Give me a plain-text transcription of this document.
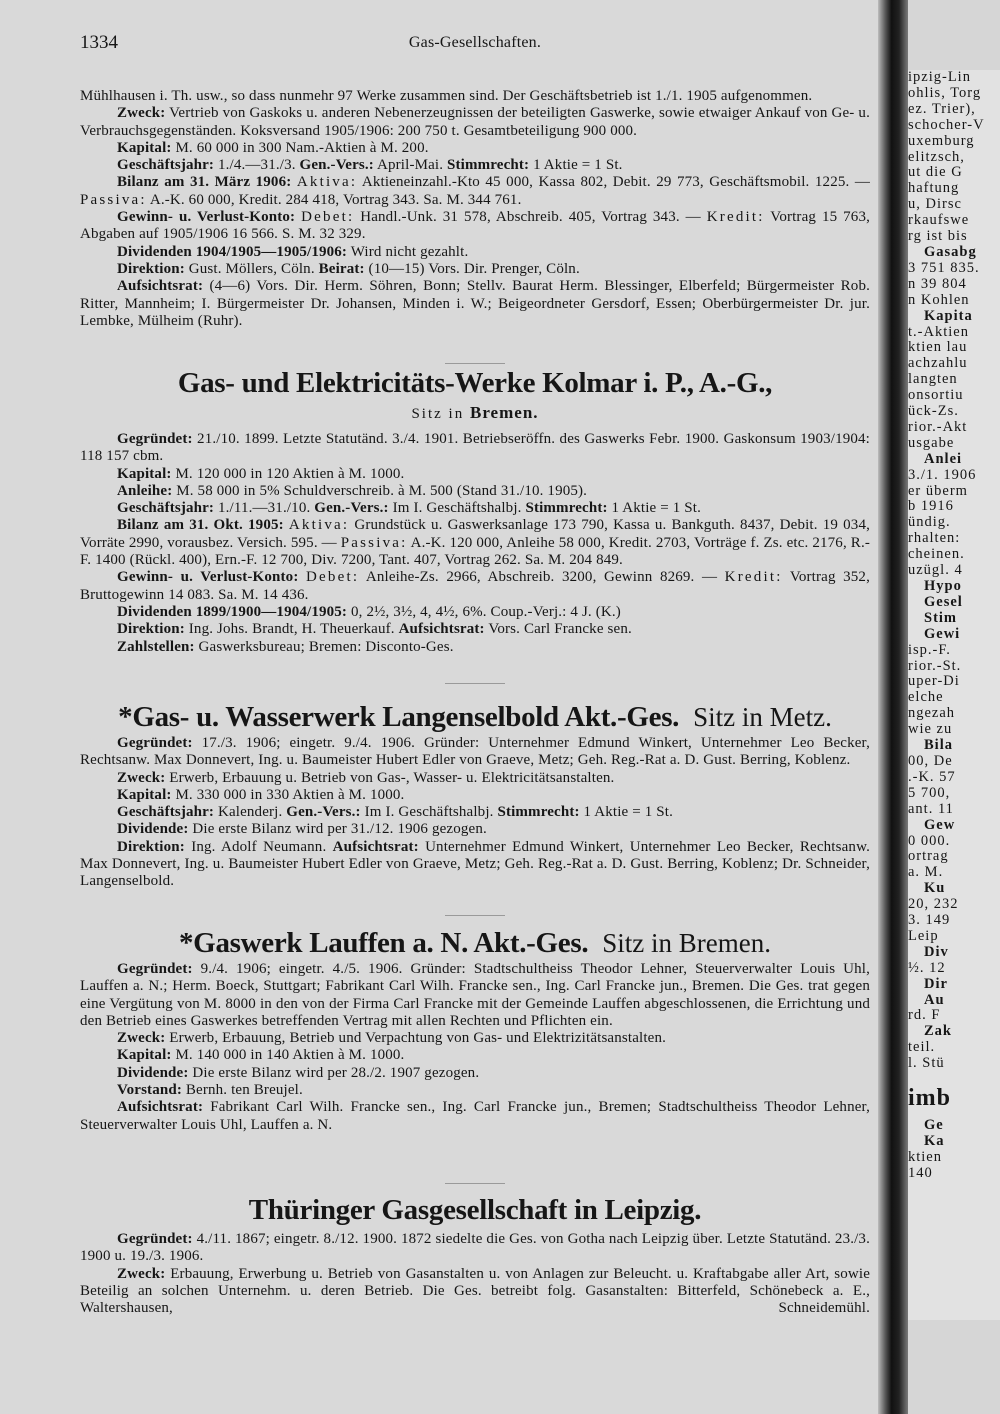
1334	Gas-Gesellschaften.

Mühlhausen i. Th. usw., so dass nunmehr 97 Werke zusammen sind. Der Geschäftsbetrieb ist 1./1. 1905 aufgenommen.

Zweck: Vertrieb von Gaskoks u. anderen Nebenerzeugnissen der beteiligten Gaswerke, sowie etwaiger Ankauf von Ge- u. Verbrauchsgegenständen. Koksversand 1905/1906: 200 750 t. Gesamtbeteiligung 900 000.

Kapital: M. 60 000 in 300 Nam.-Aktien à M. 200.

Geschäftsjahr: 1./4.—31./3. Gen.-Vers.: April-Mai. Stimmrecht: 1 Aktie = 1 St.

Bilanz am 31. März 1906: Aktiva: Aktieneinzahl.-Kto 45 000, Kassa 802, Debit. 29 773, Geschäftsmobil. 1225. — Passiva: A.-K. 60 000, Kredit. 284 418, Vortrag 343. Sa. M. 344 761.

Gewinn- u. Verlust-Konto: Debet: Handl.-Unk. 31 578, Abschreib. 405, Vortrag 343. — Kredit: Vortrag 15 763, Abgaben auf 1905/1906 16 566. S. M. 32 329.

Dividenden 1904/1905—1905/1906: Wird nicht gezahlt.

Direktion: Gust. Möllers, Cöln. Beirat: (10—15) Vors. Dir. Prenger, Cöln.

Aufsichtsrat: (4—6) Vors. Dir. Herm. Söhren, Bonn; Stellv. Baurat Herm. Blessinger, Elberfeld; Bürgermeister Rob. Ritter, Mannheim; I. Bürgermeister Dr. Johansen, Minden i. W.; Beigeordneter Gersdorf, Essen; Oberbürgermeister Dr. jur. Lembke, Mülheim (Ruhr).

Gas- und Elektricitäts-Werke Kolmar i. P., A.-G.,
Sitz in Bremen.

Gegründet: 21./10. 1899. Letzte Statutänd. 3./4. 1901. Betriebseröffn. des Gaswerks Febr. 1900. Gaskonsum 1903/1904: 118 157 cbm.

Kapital: M. 120 000 in 120 Aktien à M. 1000.

Anleihe: M. 58 000 in 5% Schuldverschreib. à M. 500 (Stand 31./10. 1905).

Geschäftsjahr: 1./11.—31./10. Gen.-Vers.: Im I. Geschäftshalbj. Stimmrecht: 1 Aktie = 1 St.

Bilanz am 31. Okt. 1905: Aktiva: Grundstück u. Gaswerksanlage 173 790, Kassa u. Bankguth. 8437, Debit. 19 034, Vorräte 2990, vorausbez. Versich. 595. — Passiva: A.-K. 120 000, Anleihe 58 000, Kredit. 2703, Vorträge f. Zs. etc. 2176, R.-F. 1400 (Rückl. 400), Ern.-F. 12 700, Div. 7200, Tant. 407, Vortrag 262. Sa. M. 204 849.

Gewinn- u. Verlust-Konto: Debet: Anleihe-Zs. 2966, Abschreib. 3200, Gewinn 8269. — Kredit: Vortrag 352, Bruttogewinn 14 083. Sa. M. 14 436.

Dividenden 1899/1900—1904/1905: 0, 2½, 3½, 4, 4½, 6%. Coup.-Verj.: 4 J. (K.)

Direktion: Ing. Johs. Brandt, H. Theuerkauf. Aufsichtsrat: Vors. Carl Francke sen.

Zahlstellen: Gaswerksbureau; Bremen: Disconto-Ges.

*Gas- u. Wasserwerk Langenselbold Akt.-Ges. Sitz in Metz.

Gegründet: 17./3. 1906; eingetr. 9./4. 1906. Gründer: Unternehmer Edmund Winkert, Unternehmer Leo Becker, Rechtsanw. Max Donnevert, Ing. u. Baumeister Hubert Edler von Graeve, Metz; Geh. Reg.-Rat a. D. Gust. Berring, Koblenz.

Zweck: Erwerb, Erbauung u. Betrieb von Gas-, Wasser- u. Elektricitätsanstalten.

Kapital: M. 330 000 in 330 Aktien à M. 1000.

Geschäftsjahr: Kalenderj. Gen.-Vers.: Im I. Geschäftshalbj. Stimmrecht: 1 Aktie = 1 St.

Dividende: Die erste Bilanz wird per 31./12. 1906 gezogen.

Direktion: Ing. Adolf Neumann. Aufsichtsrat: Unternehmer Edmund Winkert, Unternehmer Leo Becker, Rechtsanw. Max Donnevert, Ing. u. Baumeister Hubert Edler von Graeve, Metz; Geh. Reg.-Rat a. D. Gust. Berring, Koblenz; Dr. Schneider, Langenselbold.

*Gaswerk Lauffen a. N. Akt.-Ges. Sitz in Bremen.

Gegründet: 9./4. 1906; eingetr. 4./5. 1906. Gründer: Stadtschultheiss Theodor Lehner, Steuerverwalter Louis Uhl, Lauffen a. N.; Herm. Boeck, Stuttgart; Fabrikant Carl Wilh. Francke sen., Ing. Carl Francke jun., Bremen. Die Ges. trat gegen eine Vergütung von M. 8000 in den von der Firma Carl Francke mit der Gemeinde Lauffen abgeschlossenen, die Errichtung und den Betrieb eines Gaswerkes betreffenden Vertrag mit allen Rechten und Pflichten ein.

Zweck: Erwerb, Erbauung, Betrieb und Verpachtung von Gas- und Elektrizitätsanstalten.

Kapital: M. 140 000 in 140 Aktien à M. 1000.

Dividende: Die erste Bilanz wird per 28./2. 1907 gezogen.

Vorstand: Bernh. ten Breujel.

Aufsichtsrat: Fabrikant Carl Wilh. Francke sen., Ing. Carl Francke jun., Bremen; Stadtschultheiss Theodor Lehner, Steuerverwalter Louis Uhl, Lauffen a. N.

Thüringer Gasgesellschaft in Leipzig.

Gegründet: 4./11. 1867; eingetr. 8./12. 1900. 1872 siedelte die Ges. von Gotha nach Leipzig über. Letzte Statutänd. 23./3. 1900 u. 19./3. 1906.

Zweck: Erbauung, Erwerbung u. Betrieb von Gasanstalten u. von Anlagen zur Beleucht. u. Kraftabgabe aller Art, sowie Beteilig an solchen Unternehm. u. deren Betrieb. Die Ges. betreibt folg. Gasanstalten: Bitterfeld, Schönebeck a. E., Waltershausen, Schneidemühl.

ipzig-Lin
ohlis, Torg
ez. Trier),
schocher-V
uxemburg
elitzsch,
ut die G
haftung
u, Dirsc
rkaufswe
rg ist bis
Gasabg
3 751 835.
n 39 804
n Kohlen
Kapita
t.-Aktien
ktien lau
achzahlu
langten
onsortiu
ück-Zs.
rior.-Akt
usgabe
Anlei
3./1. 1906
er überm
b 1916
ündig.
rhalten:
cheinen.
uzügl. 4
Hypo
Gesel
Stim
Gewi
isp.-F.
rior.-St.
uper-Di
elche
ngezah
wie zu
Bila
00, De
.-K. 57
5 700,
ant. 11
Gew
0 000.
ortrag
a. M.
Ku
20, 232
3. 149
Leip
Div
½. 12
Dir
Au
rd. F
Zak
teil.
l. Stü
imb
Ge
Ka
ktien
140
